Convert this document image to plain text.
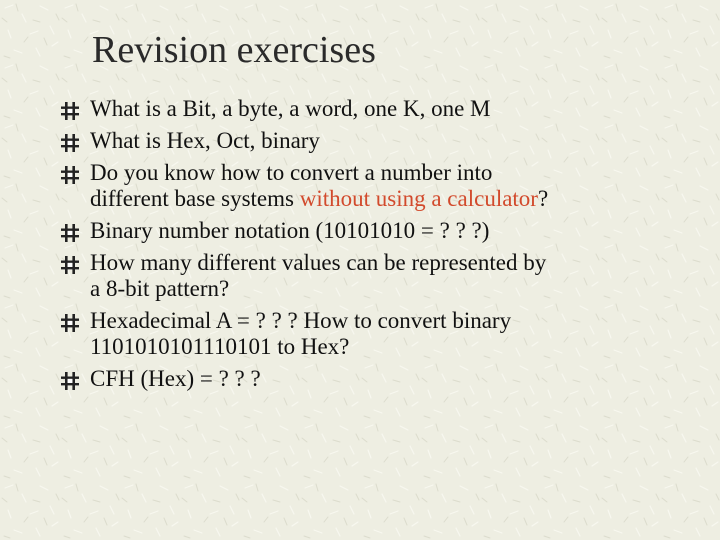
Revision exercises
What is a Bit, a byte, a word, one K, one M
What is Hex, Oct, binary
Do you know how to convert a number into
different base systems without using a calculator?
Binary number notation (10101010 = ? ? ?)
How many different values can be represented by
a 8-bit pattern?
Hexadecimal A = ? ? ? How to convert binary
1101010101110101 to Hex?
CFH (Hex) = ? ? ?
